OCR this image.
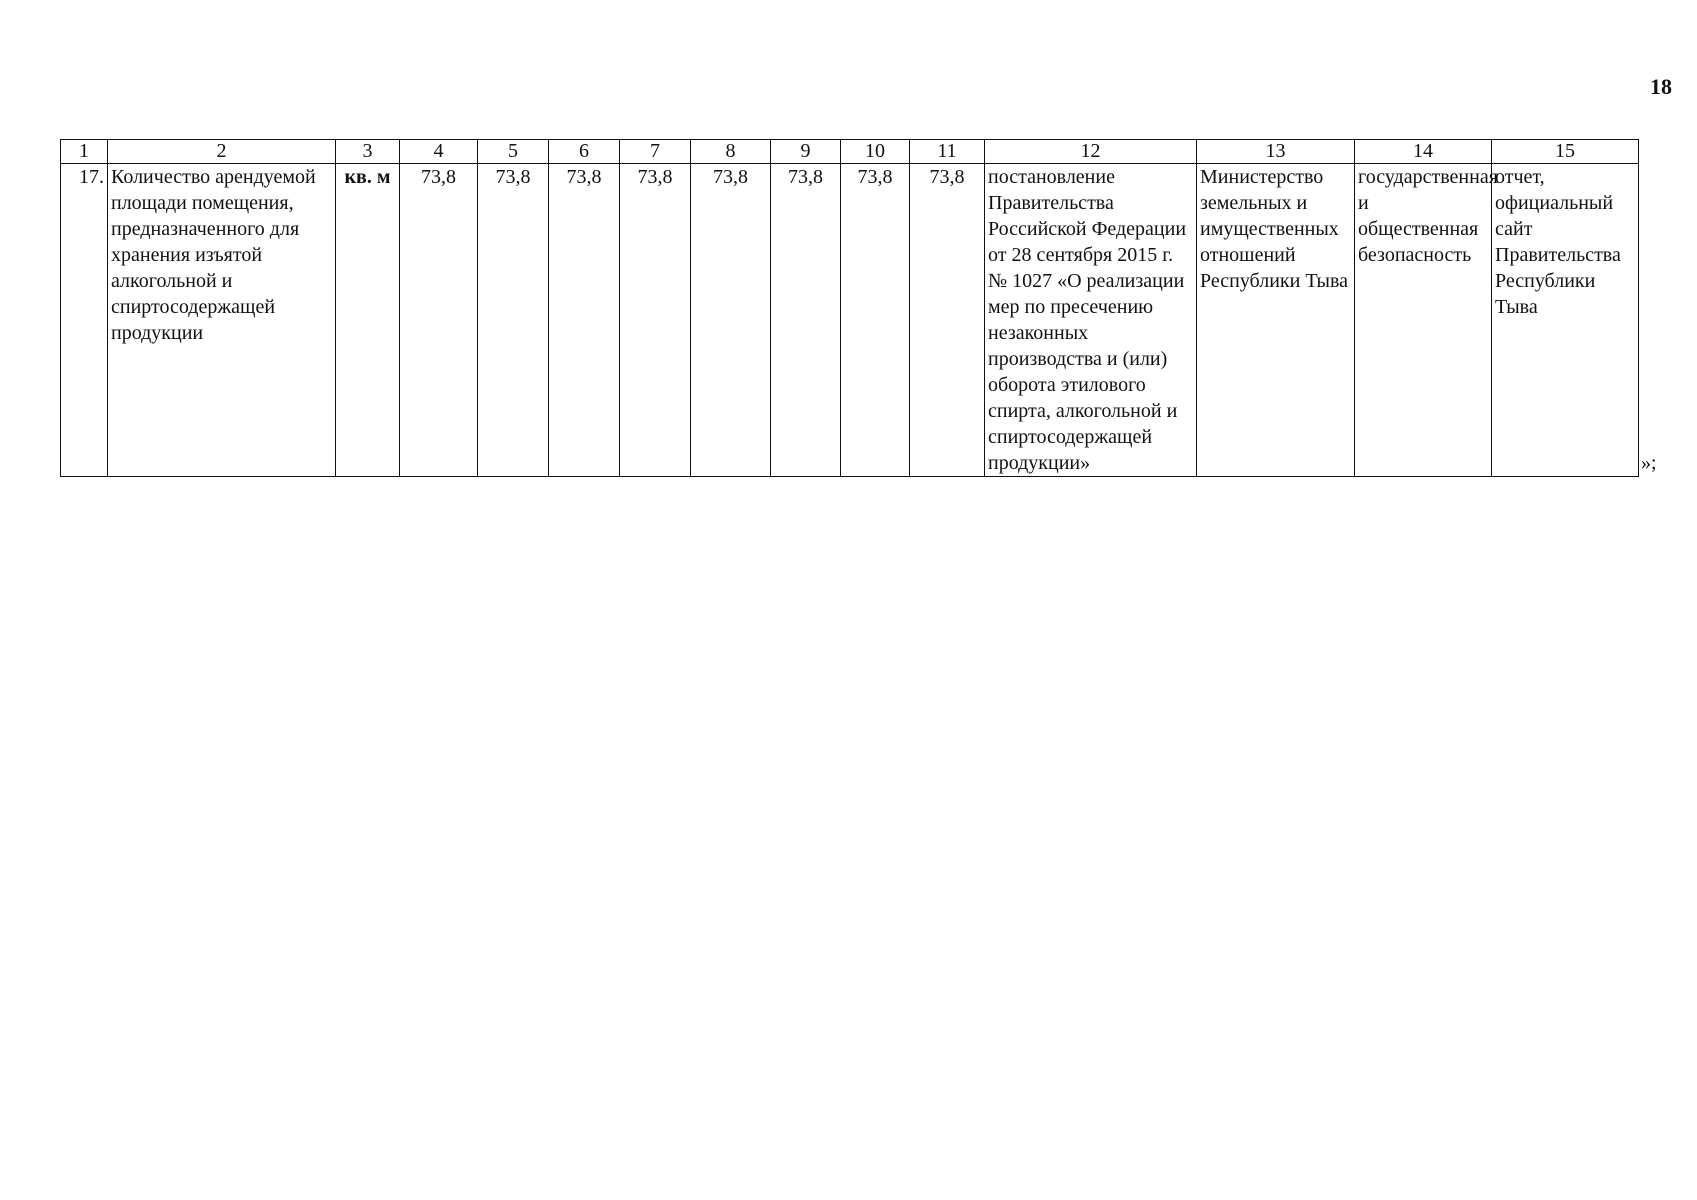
18
1	2	3	4	5	6	7	8	9	10	11	12	13	14	15
17.	Количество арендуемой площади помещения, предназначенного для хранения изъятой алкогольной и спиртосодержащей продукции	кв. м	73,8	73,8	73,8	73,8	73,8	73,8	73,8	73,8	постановление Правительства Российской Федерации от 28 сентября 2015 г. № 1027 «О реализации мер по пресечению незаконных производства и (или) оборота этилового спирта, алкогольной и спиртосодержащей продукции»	Министерство земельных и имущественных отношений Республики Тыва	государственная и общественная безопасность	отчет, официальный сайт Правительства Республики Тыва
»;
